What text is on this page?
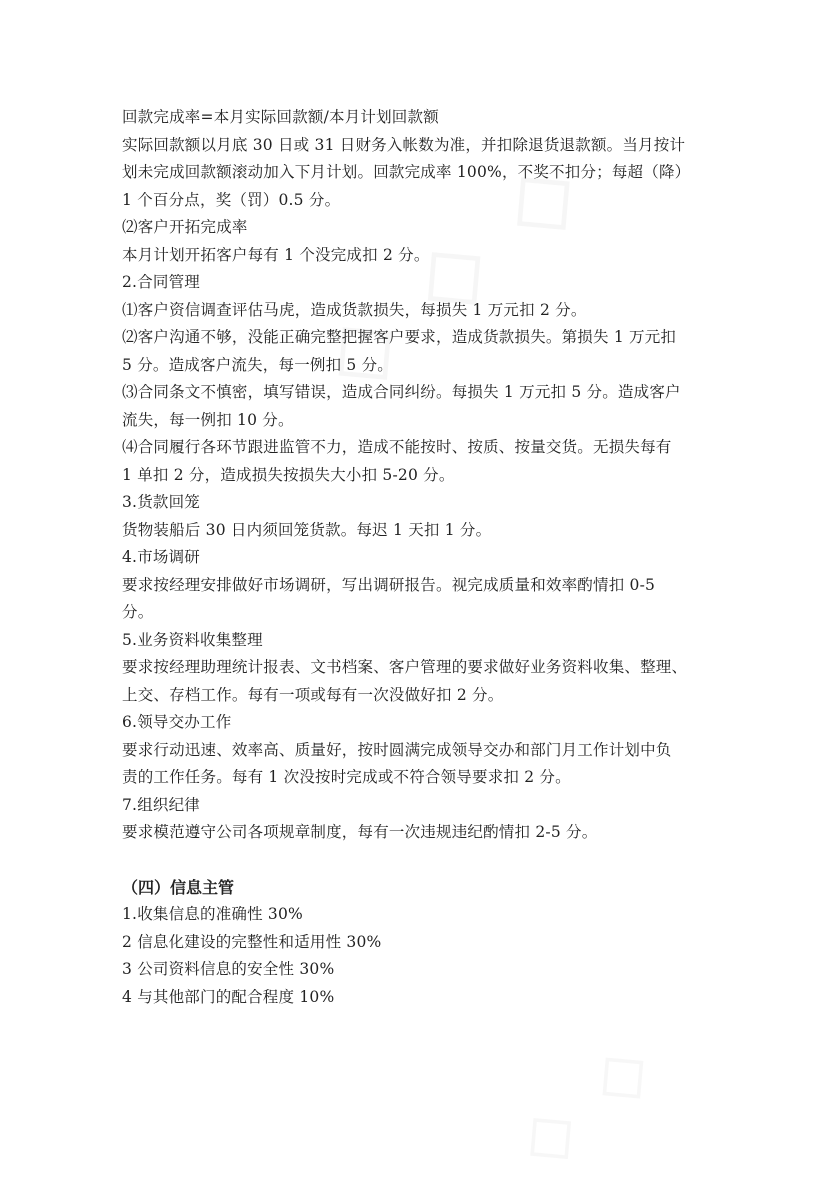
回款完成率=本月实际回款额/本月计划回款额
实际回款额以月底 30 日或 31 日财务入帐数为准，并扣除退货退款额。当月按计
划未完成回款额滚动加入下月计划。回款完成率 100%，不奖不扣分；每超（降）
1 个百分点，奖（罚）0.5 分。
⑵客户开拓完成率
本月计划开拓客户每有 1 个没完成扣 2 分。
2.合同管理
⑴客户资信调查评估马虎，造成货款损失，每损失 1 万元扣 2 分。
⑵客户沟通不够，没能正确完整把握客户要求，造成货款损失。第损失 1 万元扣
5 分。造成客户流失，每一例扣 5 分。
⑶合同条文不慎密，填写错误，造成合同纠纷。每损失 1 万元扣 5 分。造成客户
流失，每一例扣 10 分。
⑷合同履行各环节跟进监管不力，造成不能按时、按质、按量交货。无损失每有
1 单扣 2 分，造成损失按损失大小扣 5-20 分。
3.货款回笼
货物装船后 30 日内须回笼货款。每迟 1 天扣 1 分。
4.市场调研
要求按经理安排做好市场调研，写出调研报告。视完成质量和效率酌情扣 0-5
分。
5.业务资料收集整理
要求按经理助理统计报表、文书档案、客户管理的要求做好业务资料收集、整理、
上交、存档工作。每有一项或每有一次没做好扣 2 分。
6.领导交办工作
要求行动迅速、效率高、质量好，按时圆满完成领导交办和部门月工作计划中负
责的工作任务。每有 1 次没按时完成或不符合领导要求扣 2 分。
7.组织纪律
要求模范遵守公司各项规章制度，每有一次违规违纪酌情扣 2-5 分。
（四）信息主管
1.收集信息的准确性 30%
2 信息化建设的完整性和适用性 30%
3 公司资料信息的安全性 30%
4 与其他部门的配合程度 10%
